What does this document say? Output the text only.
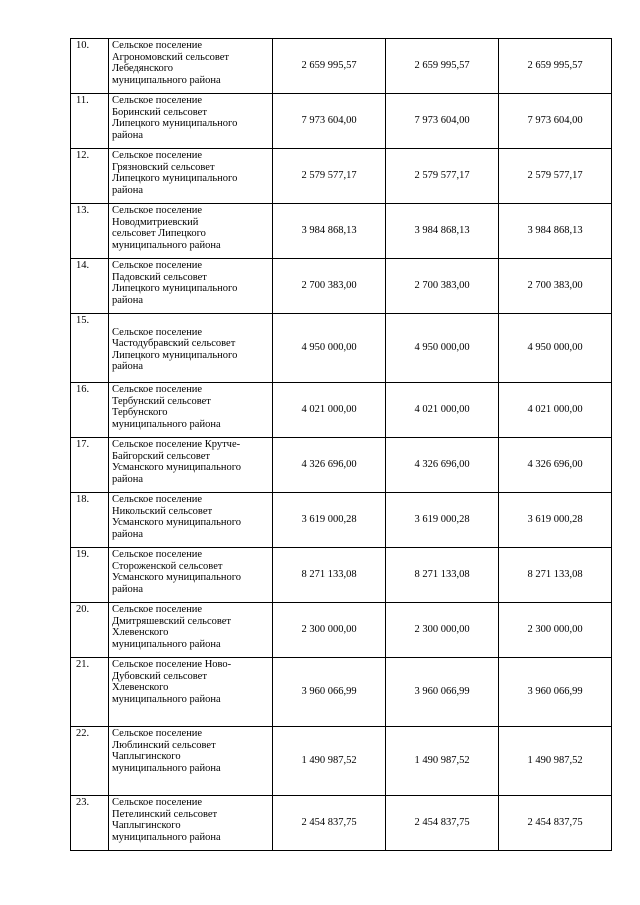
10.	Сельское поселение
Агрономовский сельсовет
Лебедянского
муниципального района	2 659 995,57	2 659 995,57	2 659 995,57
11.	Сельское поселение
Боринский сельсовет
Липецкого муниципального
района	7 973 604,00	7 973 604,00	7 973 604,00
12.	Сельское поселение
Грязновский сельсовет
Липецкого муниципального
района	2 579 577,17	2 579 577,17	2 579 577,17
13.	Сельское поселение
Новодмитриевский
сельсовет Липецкого
муниципального района	3 984 868,13	3 984 868,13	3 984 868,13
14.	Сельское поселение
Падовский сельсовет
Липецкого муниципального
района	2 700 383,00	2 700 383,00	2 700 383,00
15.	Сельское поселение
Частодубравский сельсовет
Липецкого муниципального
района	4 950 000,00	4 950 000,00	4 950 000,00
16.	Сельское поселение
Тербунский сельсовет
Тербунского
муниципального района	4 021 000,00	4 021 000,00	4 021 000,00
17.	Сельское поселение Крутче-
Байгорский сельсовет
Усманского муниципального
района	4 326 696,00	4 326 696,00	4 326 696,00
18.	Сельское поселение
Никольский сельсовет
Усманского муниципального
района	3 619 000,28	3 619 000,28	3 619 000,28
19.	Сельское поселение
Стороженской сельсовет
Усманского муниципального
района	8 271 133,08	8 271 133,08	8 271 133,08
20.	Сельское поселение
Дмитряшевский сельсовет
Хлевенского
муниципального района	2 300 000,00	2 300 000,00	2 300 000,00
21.	Сельское поселение Ново-
Дубовский сельсовет
Хлевенского
муниципального района	3 960 066,99	3 960 066,99	3 960 066,99
22.	Сельское поселение
Люблинский сельсовет
Чаплыгинского
муниципального района	1 490 987,52	1 490 987,52	1 490 987,52
23.	Сельское поселение
Петелинский сельсовет
Чаплыгинского
муниципального района	2 454 837,75	2 454 837,75	2 454 837,75
